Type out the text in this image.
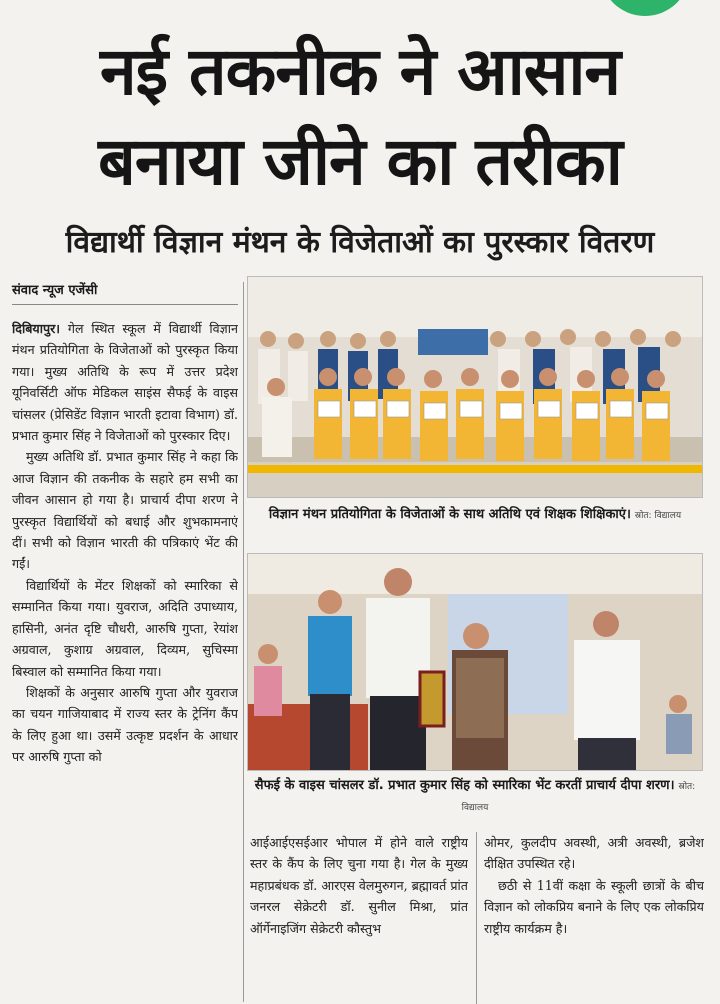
नई तकनीक ने आसान
बनाया जीने का तरीका
विद्यार्थी विज्ञान मंथन के विजेताओं का पुरस्कार वितरण
संवाद न्यूज एजेंसी

दिबियापुर। गेल स्थित स्कूल में विद्यार्थी विज्ञान मंथन प्रतियोगिता के विजेताओं को पुरस्कृत किया गया। मुख्य अतिथि के रूप में उत्तर प्रदेश यूनिवर्सिटी ऑफ मेडिकल साइंस सैफई के वाइस चांसलर (प्रेसिडेंट विज्ञान भारती इटावा विभाग) डॉ. प्रभात कुमार सिंह ने विजेताओं को पुरस्कार दिए।

मुख्य अतिथि डॉ. प्रभात कुमार सिंह ने कहा कि आज विज्ञान की तकनीक के सहारे हम सभी का जीवन आसान हो गया है। प्राचार्य दीपा शरण ने पुरस्कृत विद्यार्थियों को बधाई और शुभकामनाएं दीं। सभी को विज्ञान भारती की पत्रिकाएं भेंट की गईं।

विद्यार्थियों के मेंटर शिक्षकों को स्मारिका से सम्मानित किया गया। युवराज, अदिति उपाध्याय, हासिनी, अनंत दृष्टि चौधरी, आरुषि गुप्ता, रेयांश अग्रवाल, कुशाग्र अग्रवाल, दिव्यम, सुचिस्मा बिस्वाल को सम्मानित किया गया।

शिक्षकों के अनुसार आरुषि गुप्ता और युवराज का चयन गाजियाबाद में राज्य स्तर के ट्रेनिंग कैंप के लिए हुआ था। उसमें उत्कृष्ट प्रदर्शन के आधार पर आरुषि गुप्ता को

विज्ञान मंथन प्रतियोगिता के विजेताओं के साथ अतिथि एवं शिक्षक शिक्षिकाएं। स्रोत: विद्यालय
सैफई के वाइस चांसलर डॉ. प्रभात कुमार सिंह को स्मारिका भेंट करतीं प्राचार्य दीपा शरण। स्रोत: विद्यालय

आईआईएसईआर भोपाल में होने वाले राष्ट्रीय स्तर के कैंप के लिए चुना गया है। गेल के मुख्य महाप्रबंधक डॉ. आरएस वेलमुरुगन, ब्रह्मावर्त प्रांत जनरल सेक्रेटरी डॉ. सुनील मिश्रा, प्रांत ऑर्गेनाइजिंग सेक्रेटरी कौस्तुभ

ओमर, कुलदीप अवस्थी, अत्री अवस्थी, ब्रजेश दीक्षित उपस्थित रहे।

छठी से 11वीं कक्षा के स्कूली छात्रों के बीच विज्ञान को लोकप्रिय बनाने के लिए एक लोकप्रिय राष्ट्रीय कार्यक्रम है।
